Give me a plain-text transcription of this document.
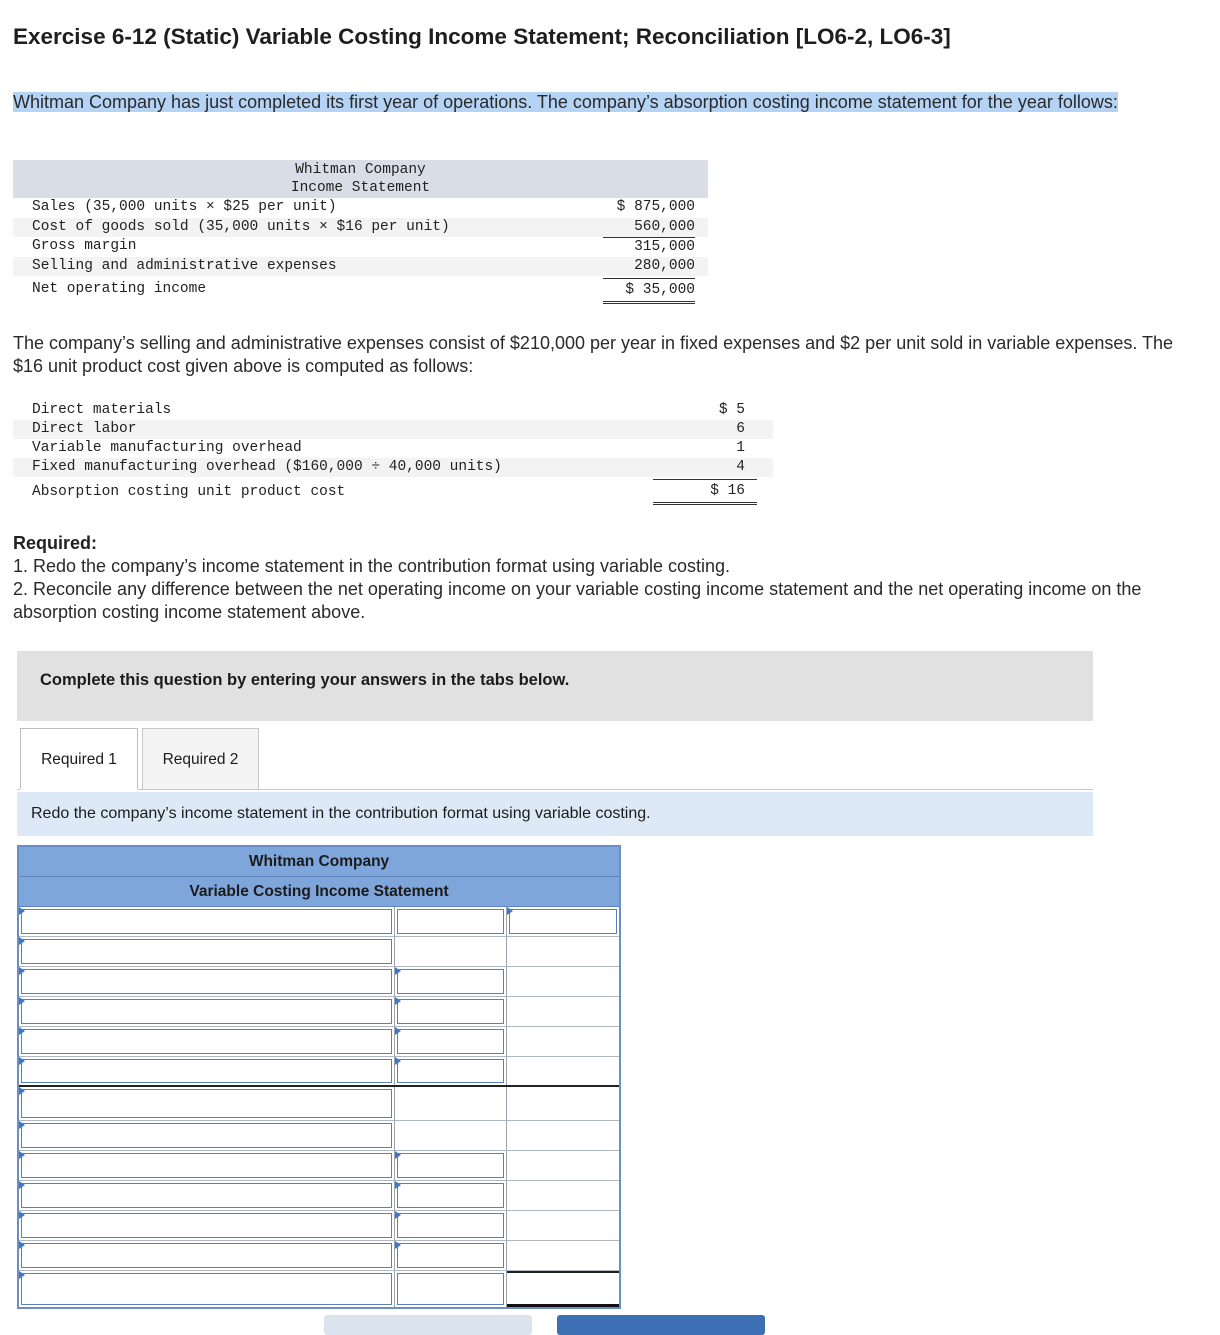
Exercise 6-12 (Static) Variable Costing Income Statement; Reconciliation [LO6-2, LO6-3]

Whitman Company has just completed its first year of operations. The company’s absorption costing income statement for the year follows:

Whitman Company
Income Statement
Sales (35,000 units × $25 per unit)	$ 875,000
Cost of goods sold (35,000 units × $16 per unit)	560,000
Gross margin	315,000
Selling and administrative expenses	280,000
Net operating income	$ 35,000

The company’s selling and administrative expenses consist of $210,000 per year in fixed expenses and $2 per unit sold in variable expenses. The $16 unit product cost given above is computed as follows:

Direct materials	$ 5
Direct labor	6
Variable manufacturing overhead	1
Fixed manufacturing overhead ($160,000 ÷ 40,000 units)	4
Absorption costing unit product cost	$ 16
Required:

1. Redo the company’s income statement in the contribution format using variable costing.

2. Reconcile any difference between the net operating income on your variable costing income statement and the net operating income on the absorption costing income statement above.

Complete this question by entering your answers in the tabs below.
Required 1	Required 2
Redo the company’s income statement in the contribution format using variable costing.
Whitman Company
Variable Costing Income Statement
